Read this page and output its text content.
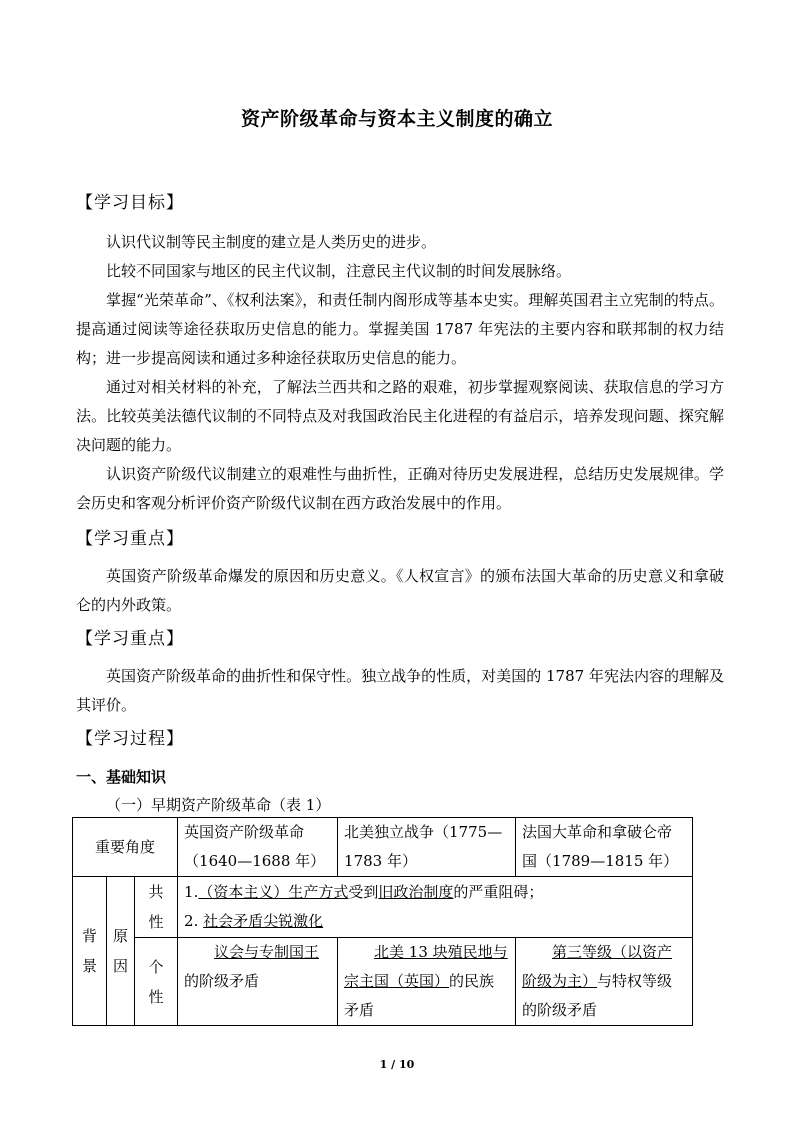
资产阶级革命与资本主义制度的确立
【学习目标】
认识代议制等民主制度的建立是人类历史的进步。
比较不同国家与地区的民主代议制，注意民主代议制的时间发展脉络。
掌握“光荣革命”、《权利法案》，和责任制内阁形成等基本史实。理解英国君主立宪制的特点。提高通过阅读等途径获取历史信息的能力。掌握美国 1787 年宪法的主要内容和联邦制的权力结构；进一步提高阅读和通过多种途径获取历史信息的能力。
通过对相关材料的补充，了解法兰西共和之路的艰难，初步掌握观察阅读、获取信息的学习方法。比较英美法德代议制的不同特点及对我国政治民主化进程的有益启示，培养发现问题、探究解决问题的能力。
认识资产阶级代议制建立的艰难性与曲折性，正确对待历史发展进程，总结历史发展规律。学会历史和客观分析评价资产阶级代议制在西方政治发展中的作用。
【学习重点】
英国资产阶级革命爆发的原因和历史意义。《人权宣言》的颁布法国大革命的历史意义和拿破仑的内外政策。
【学习重点】
英国资产阶级革命的曲折性和保守性。独立战争的性质，对美国的 1787 年宪法内容的理解及其评价。
【学习过程】
一、基础知识
（一）早期资产阶级革命（表 1）
重要角度			英国资产阶级革命（1640—1688 年）	北美独立战争（1775—1783 年）	法国大革命和拿破仑帝国（1789—1815 年）
背景	原因	共性	1.（资本主义）生产方式受到旧政治制度的严重阻碍；
2. 社会矛盾尖锐激化		

		个性	议会与专制国王的阶级矛盾	北美 13 块殖民地与宗主国（英国）的民族矛盾	第三等级（以资产阶级为主）与特权等级的阶级矛盾
1 / 10
